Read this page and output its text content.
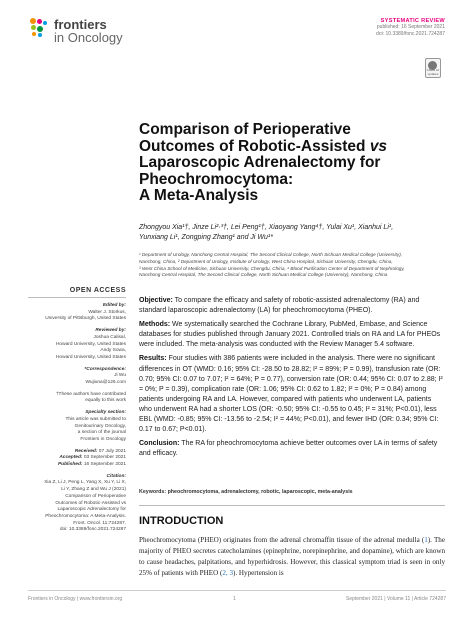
frontiers
in Oncology
SYSTEMATIC REVIEW
published: 16 September 2021
doi: 10.3389/fonc.2021.724287
Check for updates
Comparison of Perioperative
Outcomes of Robotic-Assisted vs
Laparoscopic Adrenalectomy for
Pheochromocytoma:
A Meta-Analysis
Zhongyou Xia¹†, Jinze Li²·³†, Lei Peng¹†, Xiaoyang Yang⁴†, Yulai Xu¹, Xianhui Li¹,
Yunxiang Li¹, Zongping Zhang¹ and Ji Wu¹*
¹ Department of Urology, Nanchong Central Hospital, The Second Clinical College, North Sichuan Medical College (University),
Nanchong, China, ² Department of Urology, Institute of Urology, West China Hospital, Sichuan University, Chengdu, China,
³ West China School of Medicine, Sichuan University, Chengdu, China, ⁴ Blood Purification Center of Department of Nephrology,
Nanchong Central Hospital, The Second Clinical College, North Sichuan Medical College (University), Nanchong, China
OPEN ACCESS
Edited by:
Walter J. Storkus,
University of Pittsburgh, United States
Reviewed by:
Joshua Calisal,
Howard University, United States
Andy Sowa,
Howard University, United States
*Correspondence:
Ji Wu
Wujiuna@126.com
†These authors have contributed
equally to this work
Specialty section:
This article was submitted to
Genitourinary Oncology,
a section of the journal
Frontiers in Oncology
Received: 07 July 2021
Accepted: 03 September 2021
Published: 16 September 2021
Citation:
Xia Z, Li J, Peng L, Yang X, Xu Y, Li X,
Li Y, Zhang Z and Wu J (2021)
Comparison of Perioperative
Outcomes of Robotic-Assisted vs
Laparoscopic Adrenalectomy for
Pheochromocytoma: A Meta-Analysis.
Front. Oncol. 11:724287.
doi: 10.3389/fonc.2021.724287

Objective: To compare the efficacy and safety of robotic-assisted adrenalectomy (RA) and standard laparoscopic adrenalectomy (LA) for pheochromocytoma (PHEO).

Methods: We systematically searched the Cochrane Library, PubMed, Embase, and Science databases for studies published through January 2021. Controlled trials on RA and LA for PHEOs were included. The meta-analysis was conducted with the Review Manager 5.4 software.

Results: Four studies with 386 patients were included in the analysis. There were no significant differences in OT (WMD: 0.16; 95% CI: -28.50 to 28.82; I² = 89%; P = 0.99), transfusion rate (OR: 0.70; 95% CI: 0.07 to 7.07; I² = 64%; P = 0.77), conversion rate (OR: 0.44; 95% CI: 0.07 to 2.88; I² = 0%; P = 0.39), complication rate (OR: 1.06; 95% CI: 0.62 to 1.82; I² = 0%; P = 0.84) among patients undergoing RA and LA. However, compared with patients who underwent LA, patients who underwent RA had a shorter LOS (OR: -0.50; 95% CI: -0.55 to 0.45; I² = 31%; P<0.01), less EBL (WMD: -0.85; 95% CI: -13.56 to -2.54; I² = 44%; P<0.01), and fewer IHD (OR: 0.34; 95% CI: 0.17 to 0.67; P<0.01).

Conclusion: The RA for pheochromocytoma achieve better outcomes over LA in terms of safety and efficacy.

Keywords: pheochromocytoma, adrenalectomy, robotic, laparoscopic, meta-analysis
INTRODUCTION
Pheochromocytoma (PHEO) originates from the adrenal chromaffin tissue of the adrenal medulla (1). The majority of PHEO secretes catecholamines (epinephrine, norepinephrine, and dopamine), which are known to cause headaches, palpitations, and hyperhidrosis. However, this classical symptom triad is seen in only 25% of patients with PHEO (2, 3). Hypertension is
Frontiers in Oncology | www.frontiersin.org	1	September 2021 | Volume 11 | Article 724287
